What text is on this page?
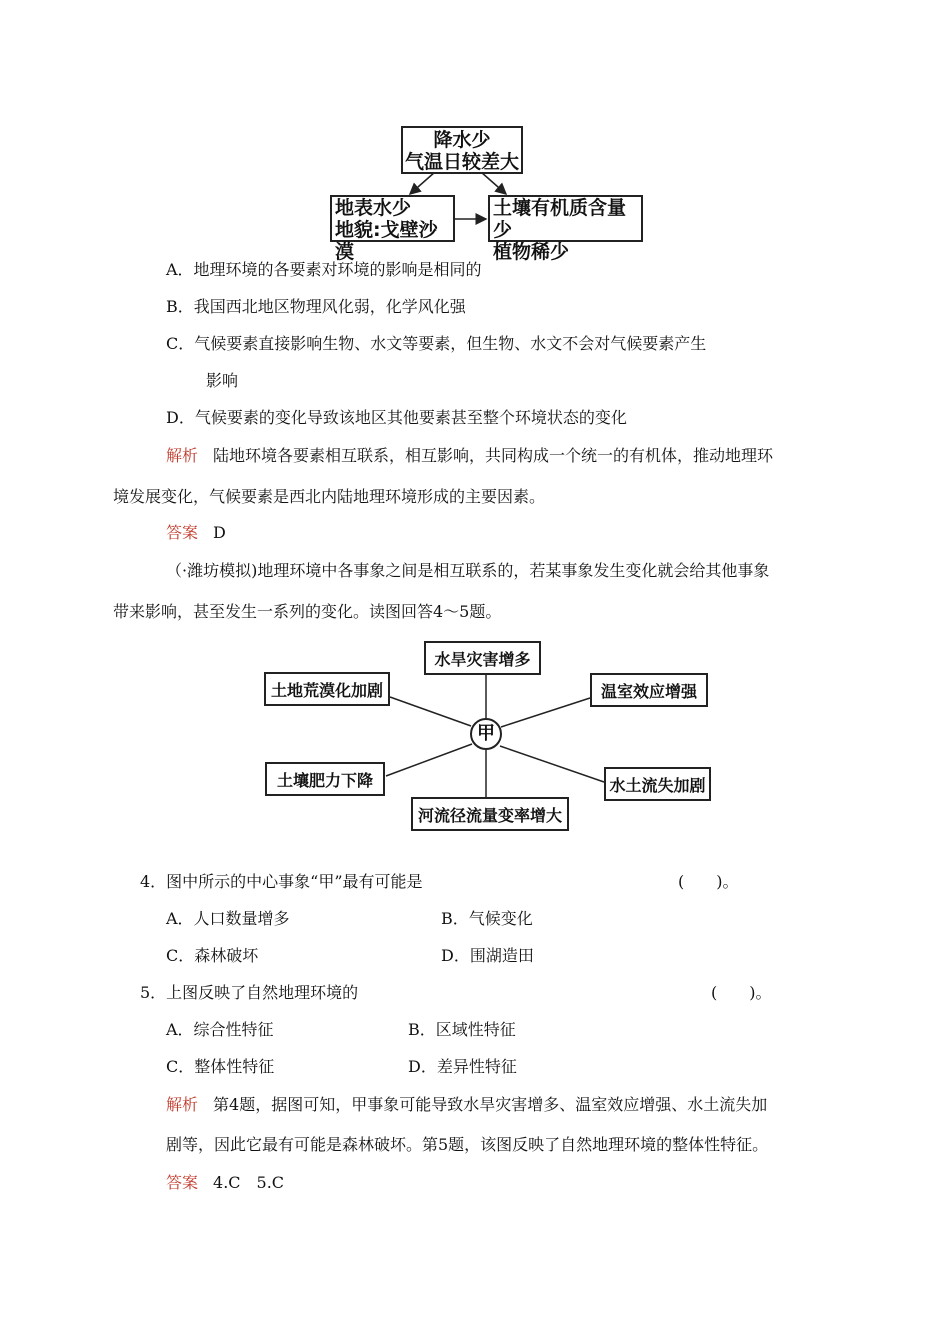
降水少
气温日较差大
地表水少
地貌:戈壁沙漠
土壤有机质含量少
植物稀少
A．地理环境的各要素对环境的影响是相同的
B．我国西北地区物理风化弱，化学风化强
C．气候要素直接影响生物、水文等要素，但生物、水文不会对气候要素产生
影响
D．气候要素的变化导致该地区其他要素甚至整个环境状态的变化
解析 陆地环境各要素相互联系，相互影响，共同构成一个统一的有机体，推动地理环
境发展变化，气候要素是西北内陆地理环境形成的主要因素。
答案 D
（·潍坊模拟)地理环境中各事象之间是相互联系的，若某事象发生变化就会给其他事象
带来影响，甚至发生一系列的变化。读图回答4～5题。
甲
水旱灾害增多
土地荒漠化加剧	温室效应增强
土壤肥力下降	水土流失加剧
河流径流量变率增大
4．图中所示的中心事象“甲”最有可能是	(　　)。
A．人口数量增多	B．气候变化
C．森林破坏	D．围湖造田
5．上图反映了自然地理环境的	(　　)。
A．综合性特征	B．区域性特征
C．整体性特征	D．差异性特征
解析 第4题，据图可知，甲事象可能导致水旱灾害增多、温室效应增强、水土流失加
剧等，因此它最有可能是森林破坏。第5题，该图反映了自然地理环境的整体性特征。
答案 4.C　5.C
